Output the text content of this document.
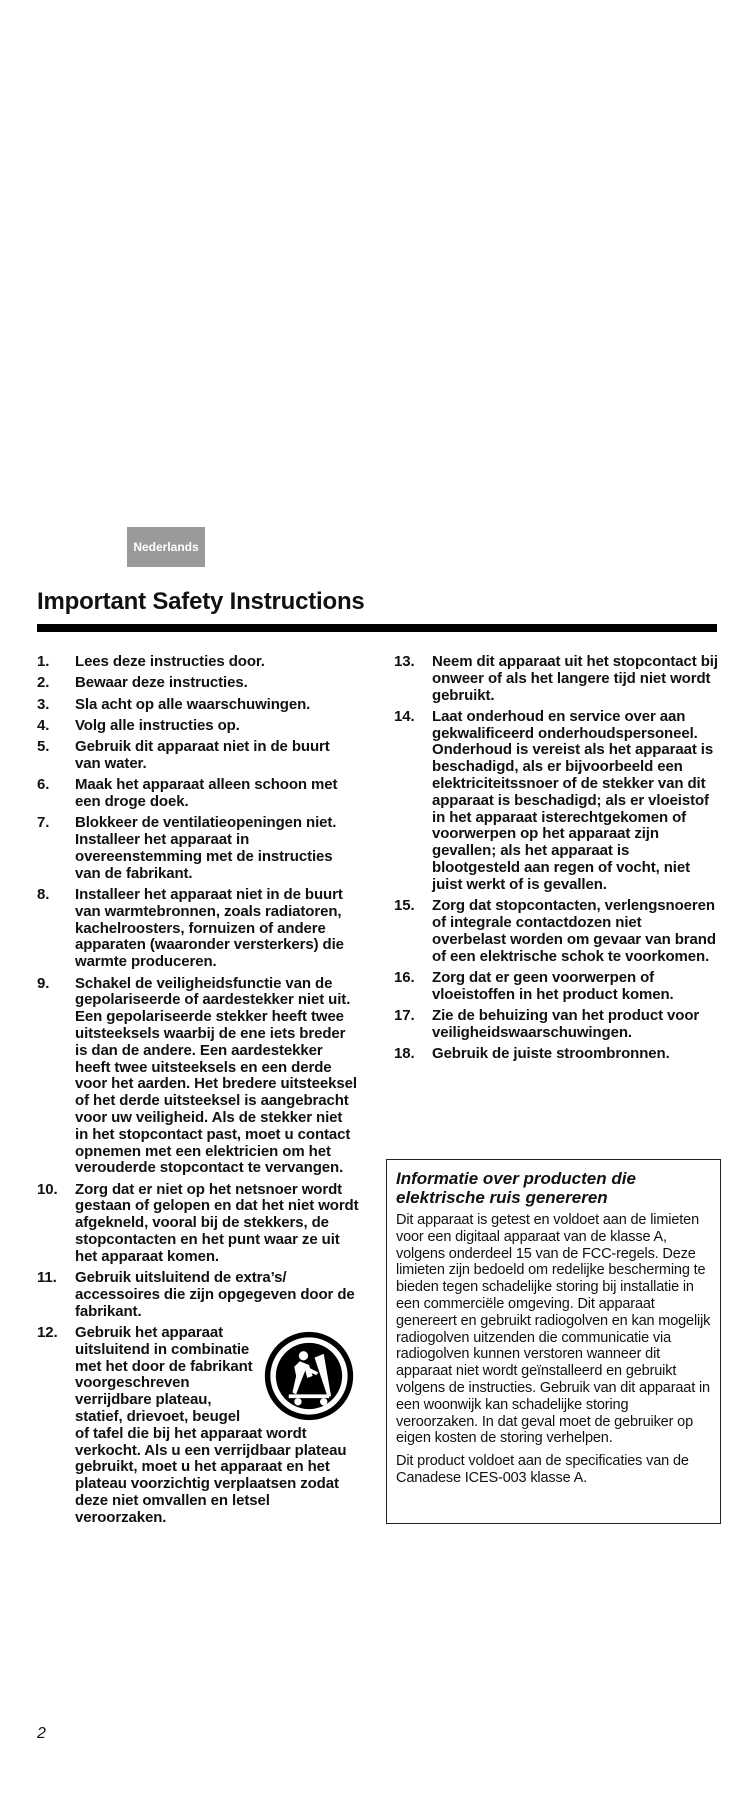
Nederlands
Important Safety Instructions
1.	Lees deze instructies door.
2.	Bewaar deze instructies.
3.	Sla acht op alle waarschuwingen.
4.	Volg alle instructies op.
5.	Gebruik dit apparaat niet in de buurt van water.
6.	Maak het apparaat alleen schoon met een droge doek.
7.	Blokkeer de ventilatieopeningen niet. Installeer het apparaat in overeenstemming met de instructies van de fabrikant.
8.	Installeer het apparaat niet in de buurt van warmtebronnen, zoals radiatoren, kachelroosters, fornuizen of andere apparaten (waaronder versterkers) die warmte produceren.
9.	Schakel de veiligheidsfunctie van de gepolariseerde of aardestekker niet uit. Een gepolariseerde stekker heeft twee uitsteeksels waarbij de ene iets breder is dan de andere. Een aardestekker heeft twee uitsteeksels en een derde voor het aarden. Het bredere uitsteeksel of het derde uitsteeksel is aangebracht voor uw veiligheid. Als de stekker niet in het stopcontact past, moet u contact opnemen met een elektricien om het verouderde stopcontact te vervangen.
10.	Zorg dat er niet op het netsnoer wordt gestaan of gelopen en dat het niet wordt afgekneld, vooral bij de stekkers, de stopcontacten en het punt waar ze uit het apparaat komen.
11.	Gebruik uitsluitend de extra’s/ accessoires die zijn opgegeven door de fabrikant.
12.	Gebruik het apparaat uitsluitend in combinatie met het door de fabrikant voorgeschreven verrijdbare plateau, statief, drievoet, beugel of tafel die bij het apparaat wordt verkocht. Als u een verrijdbaar plateau gebruikt, moet u het apparaat en het plateau voorzichtig verplaatsen zodat deze niet omvallen en letsel veroorzaken.
13.	Neem dit apparaat uit het stopcontact bij onweer of als het langere tijd niet wordt gebruikt.
14.	Laat onderhoud en service over aan gekwalificeerd onderhoudspersoneel. Onderhoud is vereist als het apparaat is beschadigd, als er bijvoorbeeld een elektriciteitssnoer of de stekker van dit apparaat is beschadigd; als er vloeistof in het apparaat isterechtgekomen of voorwerpen op het apparaat zijn gevallen; als het apparaat is blootgesteld aan regen of vocht, niet juist werkt of is gevallen.
15.	Zorg dat stopcontacten, verlengsnoeren of integrale contactdozen niet overbelast worden om gevaar van brand of een elektrische schok te voorkomen.
16.	Zorg dat er geen voorwerpen of vloeistoffen in het product komen.
17.	Zie de behuizing van het product voor veiligheidswaarschuwingen.
18.	Gebruik de juiste stroombronnen.
Informatie over producten die elektrische ruis genereren

Dit apparaat is getest en voldoet aan de limieten voor een digitaal apparaat van de klasse A, volgens onderdeel 15 van de FCC-regels. Deze limieten zijn bedoeld om redelijke bescherming te bieden tegen schadelijke storing bij installatie in een commerciële omgeving. Dit apparaat genereert en gebruikt radiogolven en kan mogelijk radiogolven uitzenden die communicatie via radiogolven kunnen verstoren wanneer dit apparaat niet wordt geïnstalleerd en gebruikt volgens de instructies. Gebruik van dit apparaat in een woonwijk kan schadelijke storing veroorzaken. In dat geval moet de gebruiker op eigen kosten de storing verhelpen.

Dit product voldoet aan de specificaties van de Canadese ICES-003 klasse A.

2
